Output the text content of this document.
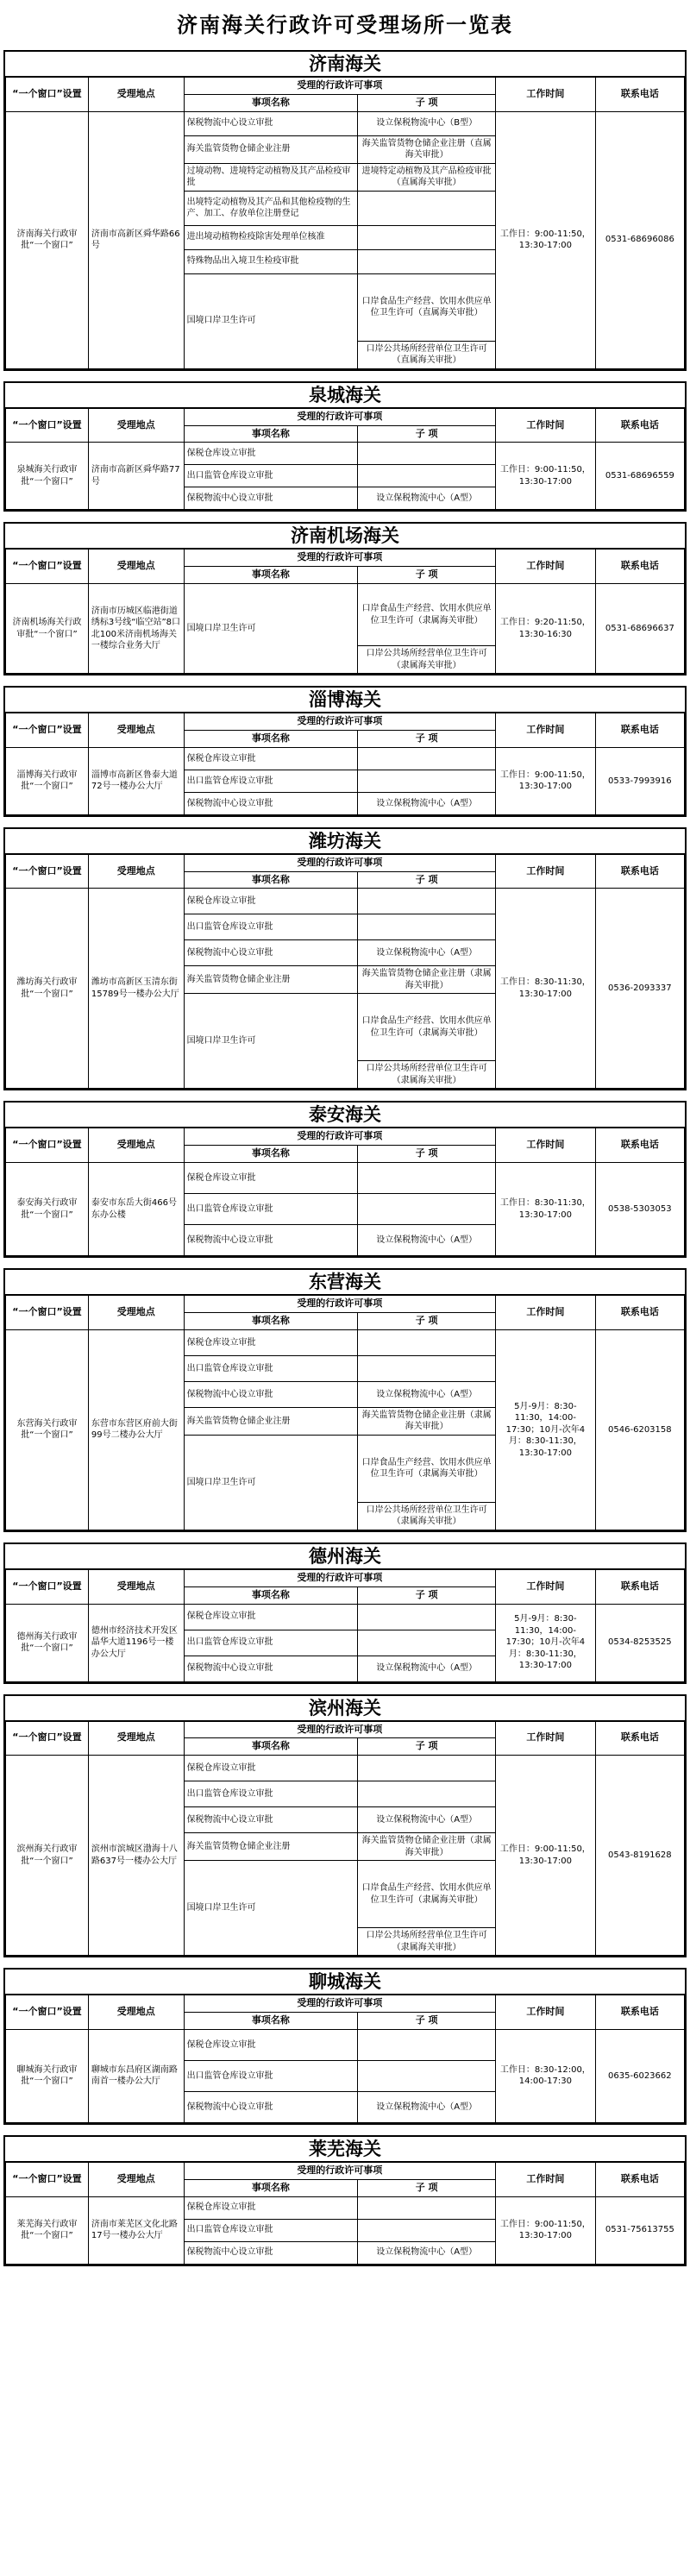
济南海关行政许可受理场所一览表
济南海关
“一个窗口”设置	受理地点	受理的行政许可事项		工作时间	联系电话
		事项名称	子 项		
济南海关行政审批“一个窗口”	济南市高新区舜华路66号	保税物流中心设立审批	设立保税物流中心（B型）	工作日：9:00-11:50，13:30-17:00	0531-68696086
		海关监管货物仓储企业注册	海关监管货物仓储企业注册（直属海关审批）		
		过境动物、进境特定动植物及其产品检疫审批	进境特定动植物及其产品检疫审批（直属海关审批）		
		出境特定动植物及其产品和其他检疫物的生产、加工、存放单位注册登记			
		进出境动植物检疫除害处理单位核准			
		特殊物品出入境卫生检疫审批			
		国境口岸卫生许可	口岸食品生产经营、饮用水供应单位卫生许可（直属海关审批）		
			口岸公共场所经营单位卫生许可（直属海关审批）		
泉城海关
“一个窗口”设置	受理地点	受理的行政许可事项		工作时间	联系电话
		事项名称	子 项		
泉城海关行政审批“一个窗口”	济南市高新区舜华路77号	保税仓库设立审批		工作日：9:00-11:50，13:30-17:00	0531-68696559
		出口监管仓库设立审批			
		保税物流中心设立审批	设立保税物流中心（A型）		
济南机场海关
“一个窗口”设置	受理地点	受理的行政许可事项		工作时间	联系电话
		事项名称	子 项		
济南机场海关行政审批“一个窗口”	济南市历城区临港街道绣标3号线“临空站”8口北100米济南机场海关一楼综合业务大厅	国境口岸卫生许可	口岸食品生产经营、饮用水供应单位卫生许可（隶属海关审批）	工作日：9:20-11:50，13:30-16:30	0531-68696637
			口岸公共场所经营单位卫生许可（隶属海关审批）		
淄博海关
“一个窗口”设置	受理地点	受理的行政许可事项		工作时间	联系电话
		事项名称	子 项		
淄博海关行政审批“一个窗口”	淄博市高新区鲁泰大道72号一楼办公大厅	保税仓库设立审批		工作日：9:00-11:50，13:30-17:00	0533-7993916
		出口监管仓库设立审批			
		保税物流中心设立审批	设立保税物流中心（A型）		
潍坊海关
“一个窗口”设置	受理地点	受理的行政许可事项		工作时间	联系电话
		事项名称	子 项		
潍坊海关行政审批“一个窗口”	潍坊市高新区玉清东街15789号一楼办公大厅	保税仓库设立审批		工作日：8:30-11:30，13:30-17:00	0536-2093337
		出口监管仓库设立审批			
		保税物流中心设立审批	设立保税物流中心（A型）		
		海关监管货物仓储企业注册	海关监管货物仓储企业注册（隶属海关审批）		
		国境口岸卫生许可	口岸食品生产经营、饮用水供应单位卫生许可（隶属海关审批）		
			口岸公共场所经营单位卫生许可（隶属海关审批）		
泰安海关
“一个窗口”设置	受理地点	受理的行政许可事项		工作时间	联系电话
		事项名称	子 项		
泰安海关行政审批“一个窗口”	泰安市东岳大街466号东办公楼	保税仓库设立审批		工作日：8:30-11:30，13:30-17:00	0538-5303053
		出口监管仓库设立审批			
		保税物流中心设立审批	设立保税物流中心（A型）		
东营海关
“一个窗口”设置	受理地点	受理的行政许可事项		工作时间	联系电话
		事项名称	子 项		
东营海关行政审批“一个窗口”	东营市东营区府前大街99号二楼办公大厅	保税仓库设立审批		5月-9月：8:30-11:30，14:00-17:30；10月-次年4月：8:30-11:30，13:30-17:00	0546-6203158
		出口监管仓库设立审批			
		保税物流中心设立审批	设立保税物流中心（A型）		
		海关监管货物仓储企业注册	海关监管货物仓储企业注册（隶属海关审批）		
		国境口岸卫生许可	口岸食品生产经营、饮用水供应单位卫生许可（隶属海关审批）		
			口岸公共场所经营单位卫生许可（隶属海关审批）		
德州海关
“一个窗口”设置	受理地点	受理的行政许可事项		工作时间	联系电话
		事项名称	子 项		
德州海关行政审批“一个窗口”	德州市经济技术开发区晶华大道1196号一楼办公大厅	保税仓库设立审批		5月-9月：8:30-11:30，14:00-17:30；10月-次年4月：8:30-11:30，13:30-17:00	0534-8253525
		出口监管仓库设立审批			
		保税物流中心设立审批	设立保税物流中心（A型）		
滨州海关
“一个窗口”设置	受理地点	受理的行政许可事项		工作时间	联系电话
		事项名称	子 项		
滨州海关行政审批“一个窗口”	滨州市滨城区渤海十八路637号一楼办公大厅	保税仓库设立审批		工作日：9:00-11:50，13:30-17:00	0543-8191628
		出口监管仓库设立审批			
		保税物流中心设立审批	设立保税物流中心（A型）		
		海关监管货物仓储企业注册	海关监管货物仓储企业注册（隶属海关审批）		
		国境口岸卫生许可	口岸食品生产经营、饮用水供应单位卫生许可（隶属海关审批）		
			口岸公共场所经营单位卫生许可（隶属海关审批）		
聊城海关
“一个窗口”设置	受理地点	受理的行政许可事项		工作时间	联系电话
		事项名称	子 项		
聊城海关行政审批“一个窗口”	聊城市东昌府区湖南路南首一楼办公大厅	保税仓库设立审批		工作日：8:30-12:00，14:00-17:30	0635-6023662
		出口监管仓库设立审批			
		保税物流中心设立审批	设立保税物流中心（A型）		
莱芜海关
“一个窗口”设置	受理地点	受理的行政许可事项		工作时间	联系电话
		事项名称	子 项		
莱芜海关行政审批“一个窗口”	济南市莱芜区文化北路17号一楼办公大厅	保税仓库设立审批		工作日：9:00-11:50，13:30-17:00	0531-75613755
		出口监管仓库设立审批			
		保税物流中心设立审批	设立保税物流中心（A型）		
